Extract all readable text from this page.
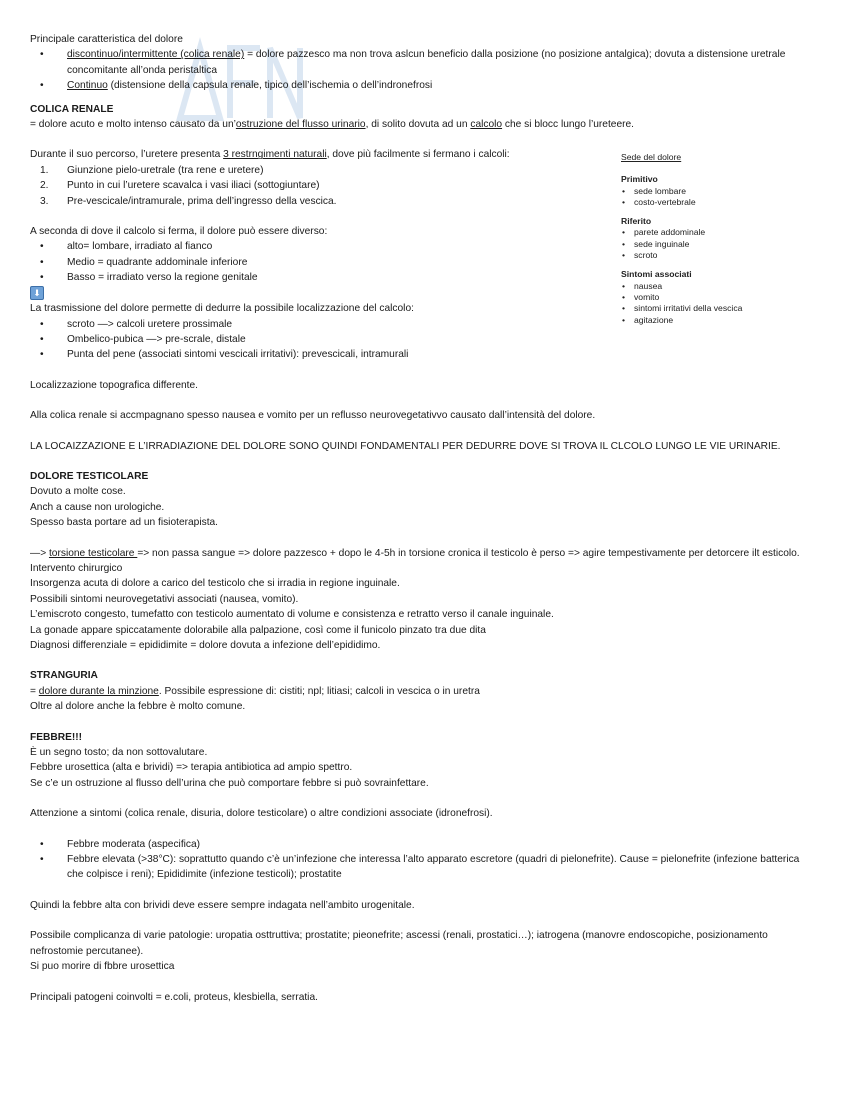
Principale caratteristica del dolore

• discontinuo/intermittente (colica renale) = dolore pazzesco ma non trova aslcun beneficio dalla posizione (no posizione antalgica); dovuta a distensione uretrale concomitante all’onda peristaltica
• Continuo (distensione della capsula renale, tipico dell’ischemia o dell’indronefrosi
COLICA RENALE

= dolore acuto e molto intenso causato da un’ostruzione del flusso urinario, di solito dovuta ad un calcolo che si blocc lungo l’ureteere.

Durante il suo percorso, l’uretere presenta 3 restrngimenti naturali, dove più facilmente si fermano i calcoli:

1. Giunzione pielo-uretrale (tra rene e uretere)
2. Punto in cui l’uretere scavalca i vasi iliaci (sottogiuntare)
3. Pre-vescicale/intramurale, prima dell’ingresso della vescica.

A seconda di dove il calcolo si ferma, il dolore può essere diverso:

• alto= lombare, irradiato al fianco
• Medio = quadrante addominale inferiore
• Basso = irradiato verso la regione genitale

⬇

La trasmissione del dolore permette di dedurre la possibile localizzazione del calcolo:

• scroto —> calcoli uretere prossimale
• Ombelico-pubica —> pre-scrale, distale
• Punta del pene (associati sintomi vescicali irritativi): prevescicali, intramurali

Localizzazione topografica differente.

Alla colica renale si accmpagnano spesso nausea e vomito per un reflusso neurovegetativvo causato dall’intensità del dolore.

LA LOCAIZZAZIONE E L’IRRADIAZIONE DEL DOLORE SONO QUINDI FONDAMENTALI PER DEDURRE DOVE SI TROVA IL CLCOLO LUNGO LE VIE URINARIE.

DOLORE TESTICOLARE

Dovuto a molte cose.

Anch a cause non urologiche.

Spesso basta portare ad un fisioterapista.

—> torsione testicolare => non passa sangue => dolore pazzesco + dopo le 4-5h in torsione cronica il testicolo è perso => agire tempestivamente per detorcere ilt esticolo.

Intervento chirurgico

Insorgenza acuta di dolore a carico del testicolo che si irradia in regione inguinale.

Possibili sintomi neurovegetativi associati (nausea, vomito).

L’emiscroto congesto, tumefatto con testicolo aumentato di volume e consistenza e retratto verso il canale inguinale.

La gonade appare spiccatamente dolorabile alla palpazione, così come il funicolo pinzato tra due dita

Diagnosi differenziale = epididimite = dolore dovuta a infezione dell’epididimo.

STRANGURIA

= dolore durante la minzione. Possibile espressione di: cistiti; npl; litiasi; calcoli in vescica o in uretra

Oltre al dolore anche la febbre è molto comune.

FEBBRE!!!

È un segno tosto; da non sottovalutare.

Febbre urosettica (alta e brividi) => terapia antibiotica ad ampio spettro.

Se c’e un ostruzione al flusso dell’urina che può comportare febbre si può sovrainfettare.

Attenzione a sintomi (colica renale, disuria, dolore testicolare) o altre condizioni associate (idronefrosi).

• Febbre moderata (aspecifica)
• Febbre elevata (>38°C): soprattutto quando c’è un’infezione che interessa l’alto apparato escretore (quadri di pielonefrite). Cause = pielonefrite (infezione batterica che colpisce i reni); Epididimite (infezione testicoli); prostatite

Quindi la febbre alta con brividi deve essere sempre indagata nell’ambito urogenitale.

Possibile complicanza di varie patologie: uropatia osttruttiva; prostatite; pieonefrite; ascessi (renali, prostatici…); iatrogena (manovre endoscopiche, posizionamento nefrostomie percutanee).

Si puo morire di fbbre urosettica

Principali patogeni coinvolti = e.coli, proteus, klesbiella, serratia.

Sede del dolore
Primitivo
• sede lombare
• costo-vertebrale
Riferito
• parete addominale
• sede inguinale
• scroto
Sintomi associati
• nausea
• vomito
• sintomi irritativi della vescica
• agitazione
